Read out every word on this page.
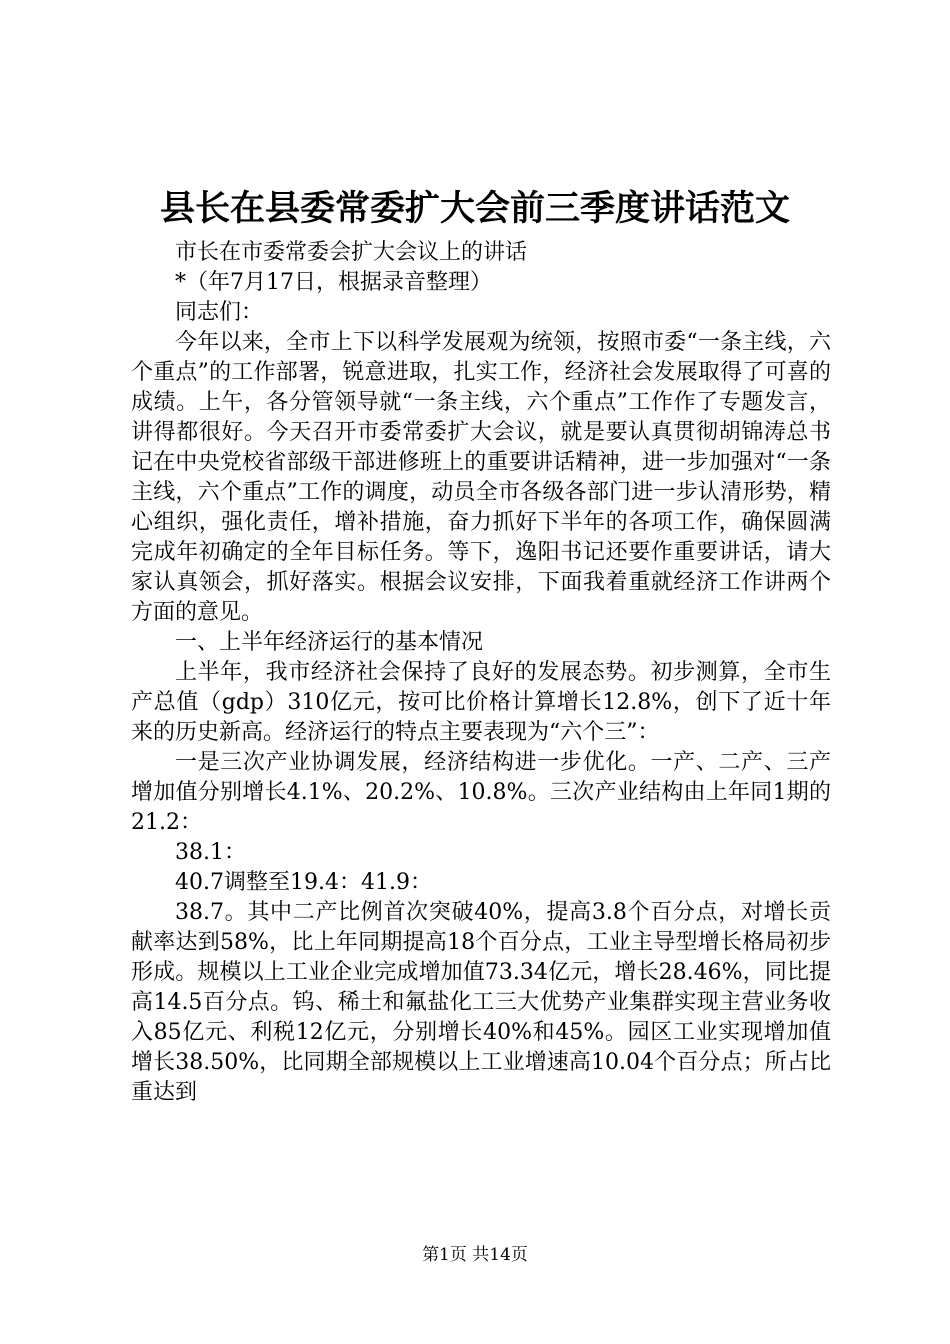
县长在县委常委扩大会前三季度讲话范文

市长在市委常委会扩大会议上的讲话

*（年7月17日，根据录音整理）

同志们：

今年以来，全市上下以科学发展观为统领，按照市委“一条主线，六个重点”的工作部署，锐意进取，扎实工作，经济社会发展取得了可喜的成绩。上午，各分管领导就“一条主线，六个重点”工作作了专题发言，讲得都很好。今天召开市委常委扩大会议，就是要认真贯彻胡锦涛总书记在中央党校省部级干部进修班上的重要讲话精神，进一步加强对“一条主线，六个重点”工作的调度，动员全市各级各部门进一步认清形势，精心组织，强化责任，增补措施，奋力抓好下半年的各项工作，确保圆满完成年初确定的全年目标任务。等下，逸阳书记还要作重要讲话，请大家认真领会，抓好落实。根据会议安排，下面我着重就经济工作讲两个方面的意见。

一、上半年经济运行的基本情况

上半年，我市经济社会保持了良好的发展态势。初步测算，全市生产总值（gdp）310亿元，按可比价格计算增长12.8%，创下了近十年来的历史新高。经济运行的特点主要表现为“六个三”：

一是三次产业协调发展，经济结构进一步优化。一产、二产、三产增加值分别增长4.1%、20.2%、10.8%。三次产业结构由上年同1期的21.2：

38.1：

40.7调整至19.4：41.9：

38.7。其中二产比例首次突破40%，提高3.8个百分点，对增长贡献率达到58%，比上年同期提高18个百分点，工业主导型增长格局初步形成。规模以上工业企业完成增加值73.34亿元，增长28.46%，同比提高14.5百分点。钨、稀土和氟盐化工三大优势产业集群实现主营业务收入85亿元、利税12亿元，分别增长40%和45%。园区工业实现增加值增长38.50%，比同期全部规模以上工业增速高10.04个百分点；所占比重达到

第1页 共14页
